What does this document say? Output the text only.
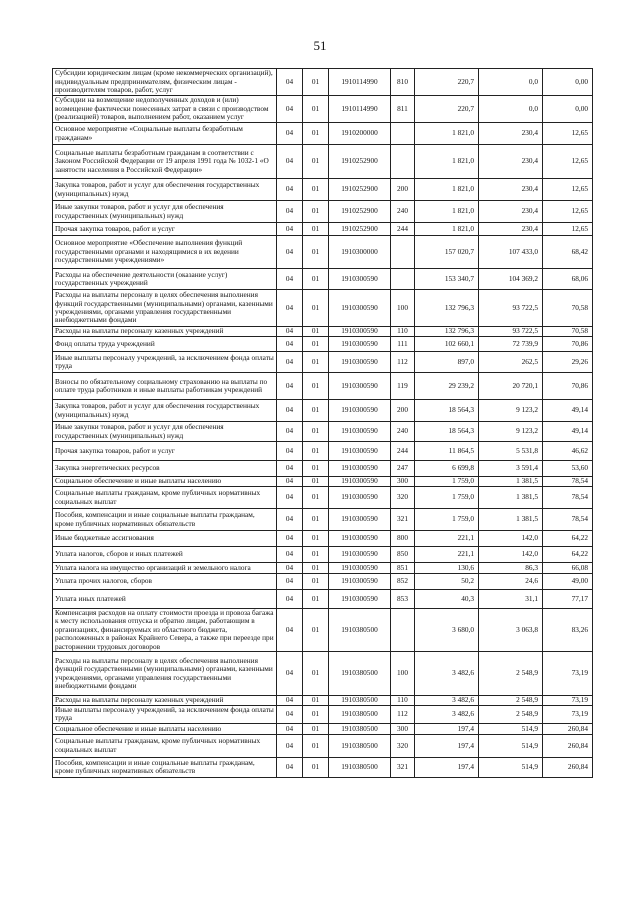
51
Субсидии юридическим лицам (кроме некоммерческих организаций), индивидуальным предпринимателям, физическим лицам - производителям товаров, работ, услуг	04	01	1910114990	810	220,7	0,0	0,00
Субсидии на возмещение недополученных доходов и (или) возмещение фактически понесенных затрат в связи с производством (реализацией) товаров, выполнением работ, оказанием услуг	04	01	1910114990	811	220,7	0,0	0,00
Основное мероприятие «Социальные выплаты безработным гражданам»	04	01	1910200000		1 821,0	230,4	12,65
Социальные выплаты безработным гражданам в соответствии с Законом Российской Федерации от 19 апреля 1991 года № 1032-1 «О занятости населения в Российской Федерации»	04	01	1910252900		1 821,0	230,4	12,65
Закупка товаров, работ и услуг для обеспечения государственных (муниципальных) нужд	04	01	1910252900	200	1 821,0	230,4	12,65
Иные закупки товаров, работ и услуг для обеспечения государственных (муниципальных) нужд	04	01	1910252900	240	1 821,0	230,4	12,65
Прочая закупка товаров, работ и услуг	04	01	1910252900	244	1 821,0	230,4	12,65
Основное мероприятие «Обеспечение выполнения функций государственными органами и находящимися в их ведении государственными учреждениями»	04	01	1910300000		157 020,7	107 433,0	68,42
Расходы на обеспечение деятельности (оказание услуг) государственных учреждений	04	01	1910300590		153 340,7	104 369,2	68,06
Расходы на выплаты персоналу в целях обеспечения выполнения функций государственными (муниципальными) органами, казенными учреждениями, органами управления государственными внебюджетными фондами	04	01	1910300590	100	132 796,3	93 722,5	70,58
Расходы на выплаты персоналу казенных учреждений	04	01	1910300590	110	132 796,3	93 722,5	70,58
Фонд оплаты труда учреждений	04	01	1910300590	111	102 660,1	72 739,9	70,86
Иные выплаты персоналу учреждений, за исключением фонда оплаты труда	04	01	1910300590	112	897,0	262,5	29,26
Взносы по обязательному социальному страхованию на выплаты по оплате труда работников и иные выплаты работникам учреждений	04	01	1910300590	119	29 239,2	20 720,1	70,86
Закупка товаров, работ и услуг для обеспечения государственных (муниципальных) нужд	04	01	1910300590	200	18 564,3	9 123,2	49,14
Иные закупки товаров, работ и услуг для обеспечения государственных (муниципальных) нужд	04	01	1910300590	240	18 564,3	9 123,2	49,14
Прочая закупка товаров, работ и услуг	04	01	1910300590	244	11 864,5	5 531,8	46,62
Закупка энергетических ресурсов	04	01	1910300590	247	6 699,8	3 591,4	53,60
Социальное обеспечение и иные выплаты населению	04	01	1910300590	300	1 759,0	1 381,5	78,54
Социальные выплаты гражданам, кроме публичных нормативных социальных выплат	04	01	1910300590	320	1 759,0	1 381,5	78,54
Пособия, компенсации и иные социальные выплаты гражданам, кроме публичных нормативных обязательств	04	01	1910300590	321	1 759,0	1 381,5	78,54
Иные бюджетные ассигнования	04	01	1910300590	800	221,1	142,0	64,22
Уплата налогов, сборов и иных платежей	04	01	1910300590	850	221,1	142,0	64,22
Уплата налога на имущество организаций и земельного налога	04	01	1910300590	851	130,6	86,3	66,08
Уплата прочих налогов, сборов	04	01	1910300590	852	50,2	24,6	49,00
Уплата иных платежей	04	01	1910300590	853	40,3	31,1	77,17
Компенсация расходов на оплату стоимости проезда и провоза багажа к месту использования отпуска и обратно лицам, работающим в организациях, финансируемых из областного бюджета, расположенных в районах Крайнего Севера, а также при переезде при расторжении трудовых договоров	04	01	1910380500		3 680,0	3 063,8	83,26
Расходы на выплаты персоналу в целях обеспечения выполнения функций государственными (муниципальными) органами, казенными учреждениями, органами управления государственными внебюджетными фондами	04	01	1910380500	100	3 482,6	2 548,9	73,19
Расходы на выплаты персоналу казенных учреждений	04	01	1910380500	110	3 482,6	2 548,9	73,19
Иные выплаты персоналу учреждений, за исключением фонда оплаты труда	04	01	1910380500	112	3 482,6	2 548,9	73,19
Социальное обеспечение и иные выплаты населению	04	01	1910380500	300	197,4	514,9	260,84
Социальные выплаты гражданам, кроме публичных нормативных социальных выплат	04	01	1910380500	320	197,4	514,9	260,84
Пособия, компенсации и иные социальные выплаты гражданам, кроме публичных нормативных обязательств	04	01	1910380500	321	197,4	514,9	260,84
